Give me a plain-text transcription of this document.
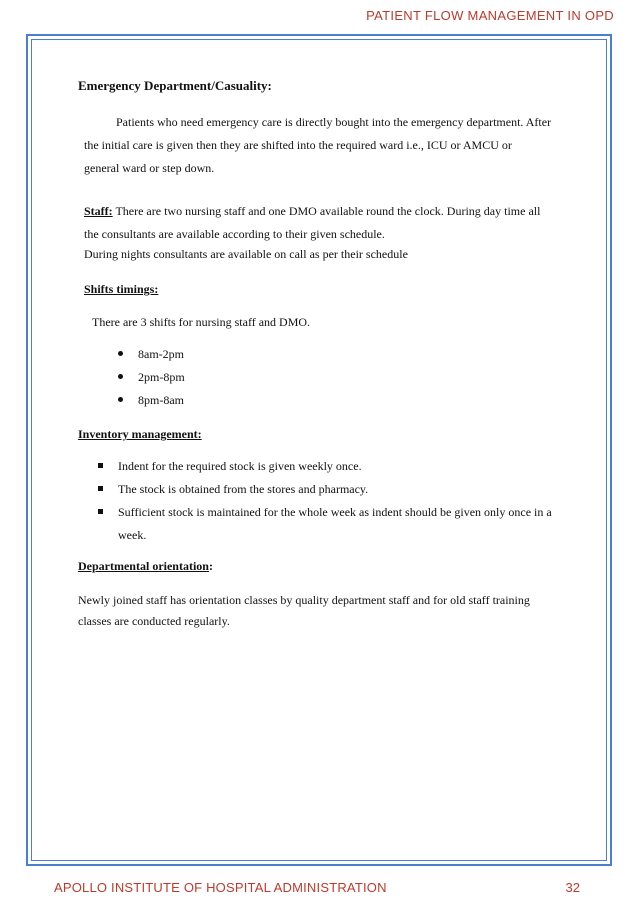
PATIENT FLOW MANAGEMENT IN OPD
Emergency Department/Casuality:
Patients who need emergency care is directly bought into the emergency department. After
the initial care is given then they are shifted into the required ward i.e., ICU or AMCU or
general ward or step down.
Staff: There are two nursing staff and one DMO available round the clock. During day time all
the consultants are available according to their given schedule.
During nights consultants are available on call as per their schedule
Shifts timings:
There are 3 shifts for nursing staff and DMO.
8am-2pm
2pm-8pm
8pm-8am
Inventory management:
Indent for the required stock is given weekly once.
The stock is obtained from the stores and pharmacy.
Sufficient stock is maintained for the whole week as indent should be given only once in a
week.
Departmental orientation:
Newly joined staff has orientation classes by quality department staff and for old staff training
classes are conducted regularly.
APOLLO INSTITUTE OF HOSPITAL ADMINISTRATION	32
